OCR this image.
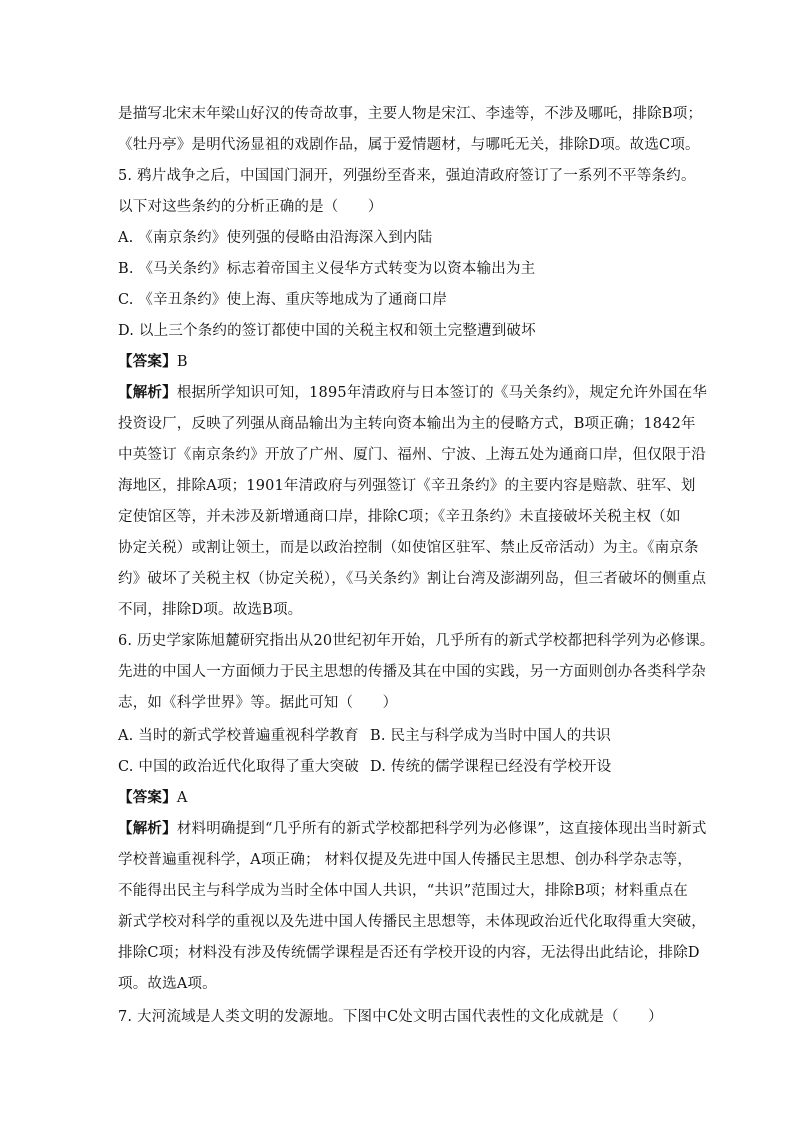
是描写北宋末年梁山好汉的传奇故事，主要人物是宋江、李逵等，不涉及哪吒，排除B项；
《牡丹亭》是明代汤显祖的戏剧作品，属于爱情题材，与哪吒无关，排除D项。故选C项。
5. 鸦片战争之后，中国国门洞开，列强纷至沓来，强迫清政府签订了一系列不平等条约。
以下对这些条约的分析正确的是（　　）
A. 《南京条约》使列强的侵略由沿海深入到内陆
B. 《马关条约》标志着帝国主义侵华方式转变为以资本输出为主
C. 《辛丑条约》使上海、重庆等地成为了通商口岸
D. 以上三个条约的签订都使中国的关税主权和领土完整遭到破坏
【答案】B
【解析】根据所学知识可知，1895年清政府与日本签订的《马关条约》，规定允许外国在华
投资设厂，反映了列强从商品输出为主转向资本输出为主的侵略方式，B项正确；1842年
中英签订《南京条约》开放了广州、厦门、福州、宁波、上海五处为通商口岸，但仅限于沿
海地区，排除A项；1901年清政府与列强签订《辛丑条约》的主要内容是赔款、驻军、划
定使馆区等，并未涉及新增通商口岸，排除C项；《辛丑条约》未直接破坏关税主权（如
协定关税）或割让领土，而是以政治控制（如使馆区驻军、禁止反帝活动）为主。《南京条
约》破坏了关税主权（协定关税），《马关条约》割让台湾及澎湖列岛，但三者破坏的侧重点
不同，排除D项。故选B项。
6. 历史学家陈旭麓研究指出从20世纪初年开始，几乎所有的新式学校都把科学列为必修课。
先进的中国人一方面倾力于民主思想的传播及其在中国的实践，另一方面则创办各类科学杂
志，如《科学世界》等。据此可知（　　）
A. 当时的新式学校普遍重视科学教育 B. 民主与科学成为当时中国人的共识
C. 中国的政治近代化取得了重大突破 D. 传统的儒学课程已经没有学校开设
【答案】A
【解析】材料明确提到“几乎所有的新式学校都把科学列为必修课”，这直接体现出当时新式
学校普遍重视科学，A项正确； 材料仅提及先进中国人传播民主思想、创办科学杂志等，
不能得出民主与科学成为当时全体中国人共识，“共识”范围过大，排除B项；材料重点在
新式学校对科学的重视以及先进中国人传播民主思想等，未体现政治近代化取得重大突破，
排除C项；材料没有涉及传统儒学课程是否还有学校开设的内容，无法得出此结论，排除D
项。故选A项。
7. 大河流域是人类文明的发源地。下图中C处文明古国代表性的文化成就是（　　）
